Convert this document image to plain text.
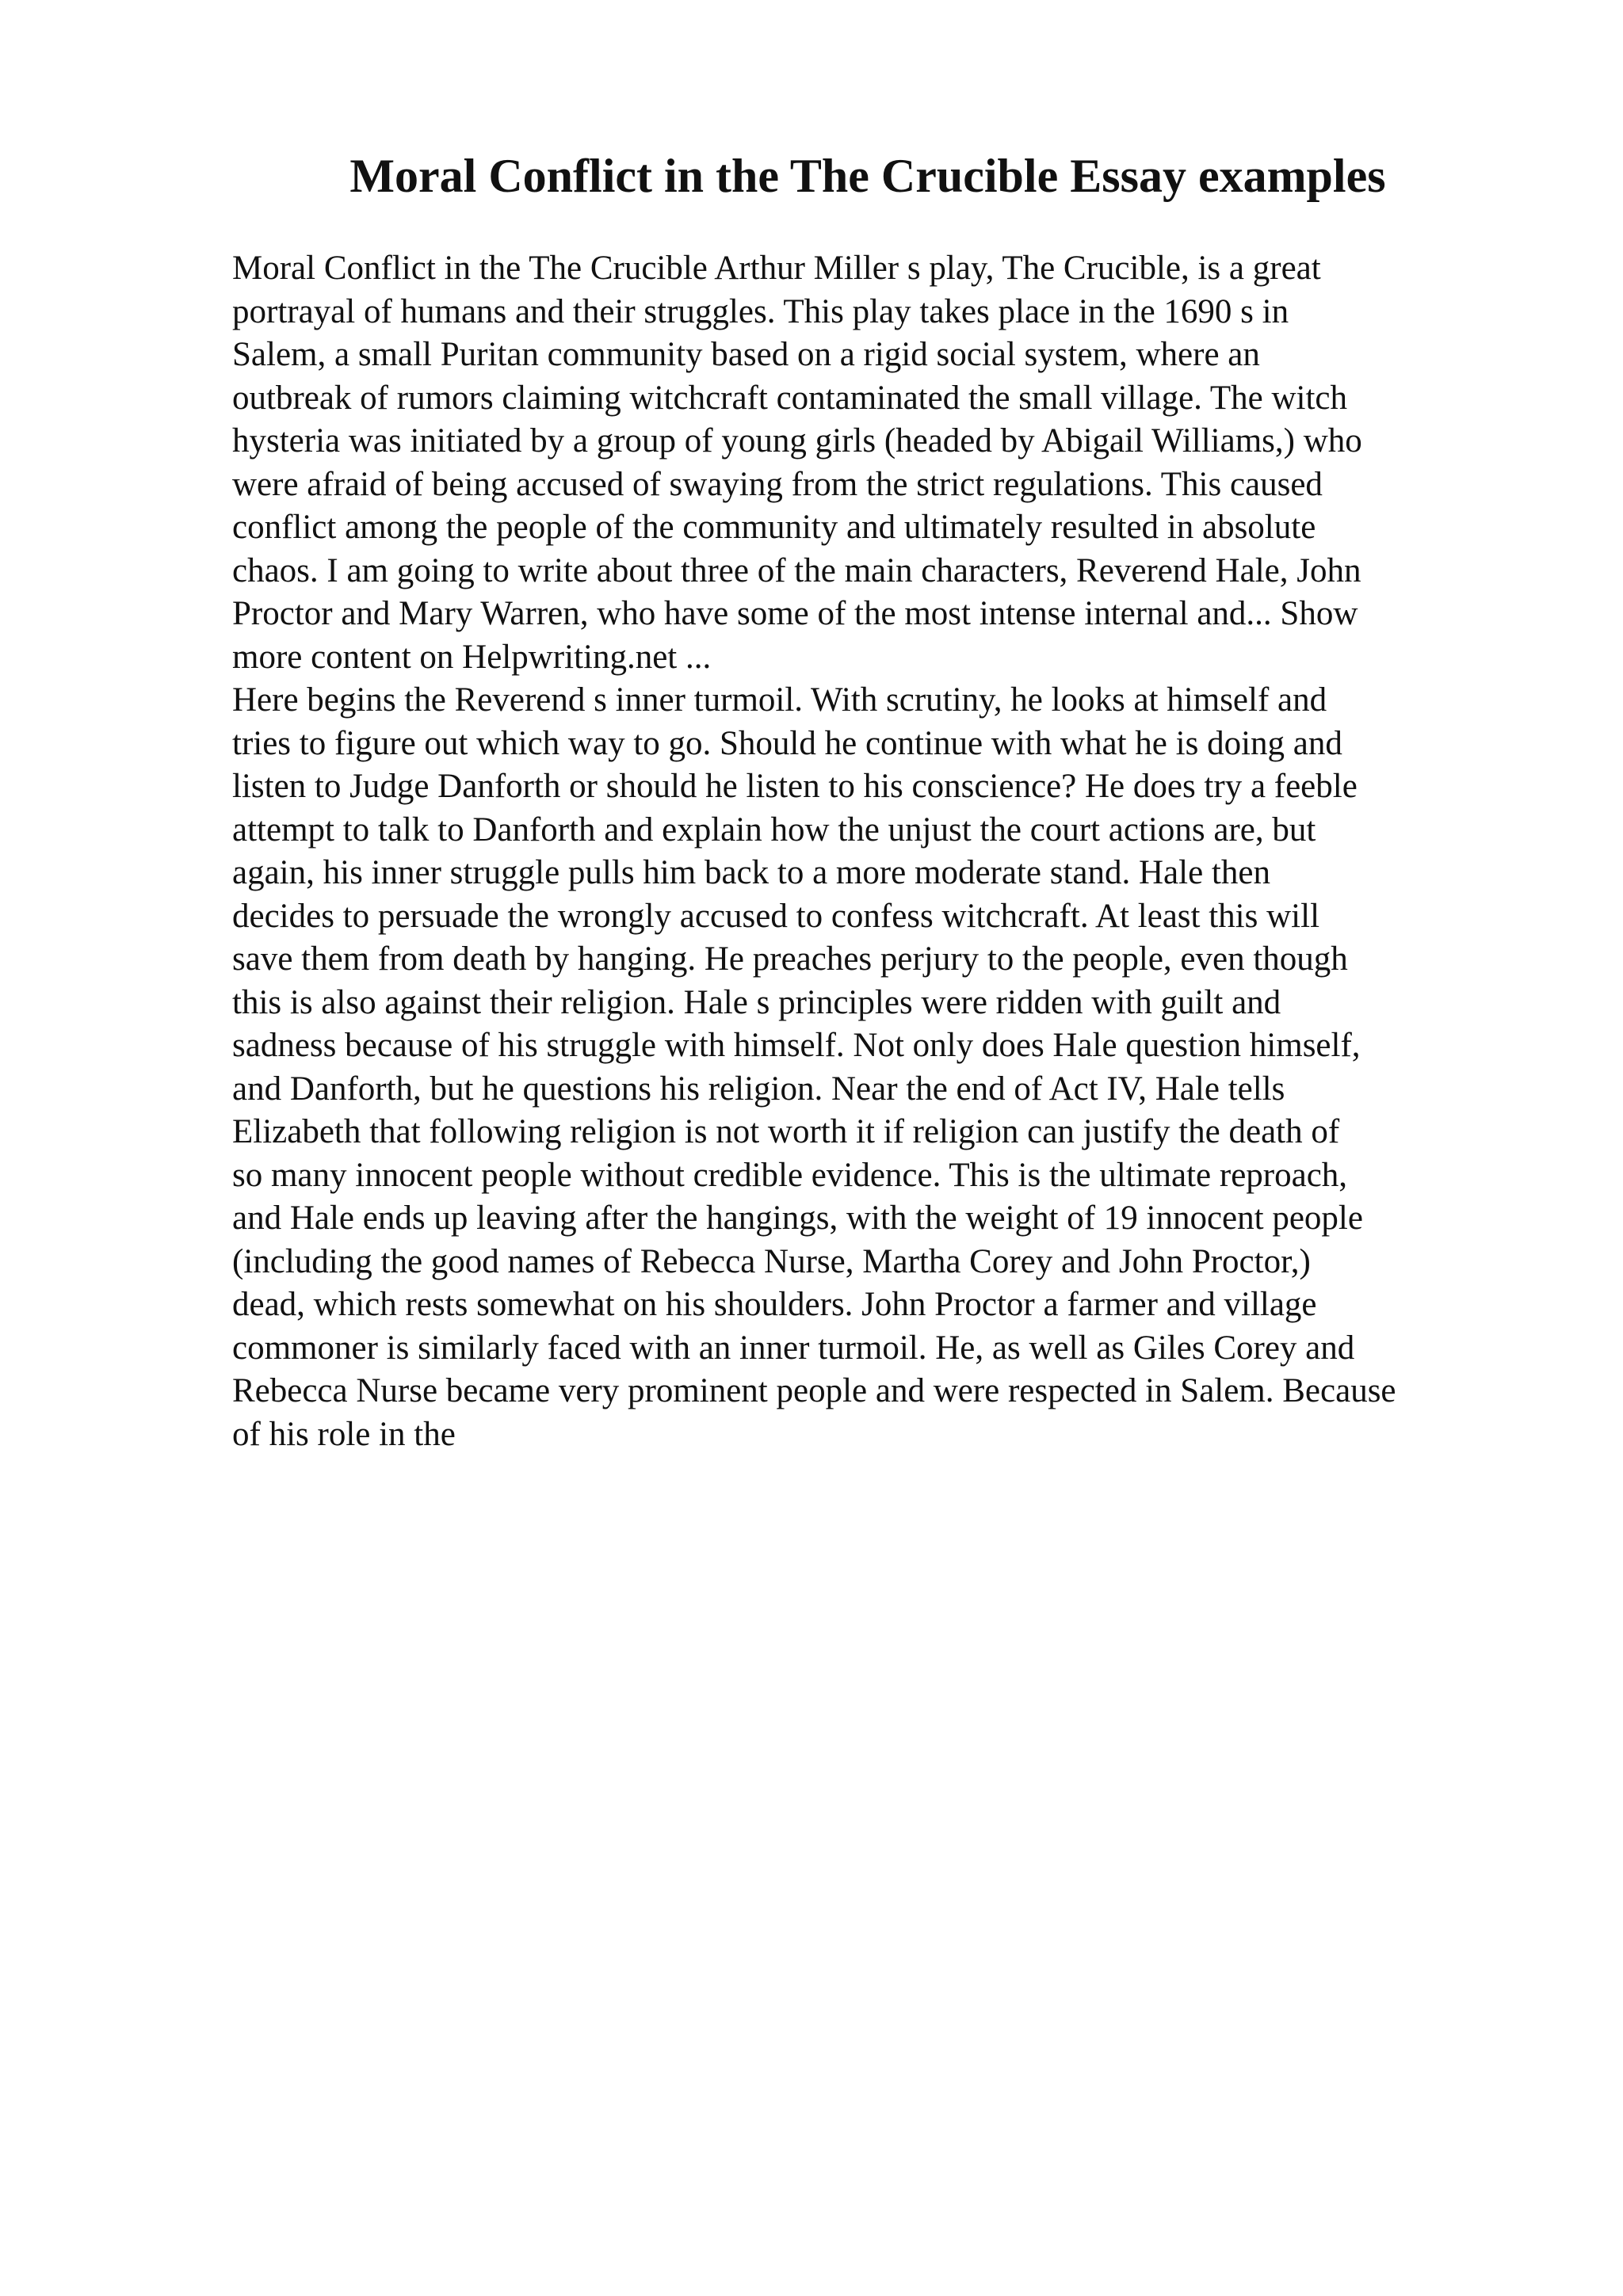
Moral Conflict in the The Crucible Essay examples
Moral Conflict in the The Crucible Arthur Miller s play, The Crucible, is a great
portrayal of humans and their struggles. This play takes place in the 1690 s in
Salem, a small Puritan community based on a rigid social system, where an
outbreak of rumors claiming witchcraft contaminated the small village. The witch
hysteria was initiated by a group of young girls (headed by Abigail Williams,) who
were afraid of being accused of swaying from the strict regulations. This caused
conflict among the people of the community and ultimately resulted in absolute
chaos. I am going to write about three of the main characters, Reverend Hale, John
Proctor and Mary Warren, who have some of the most intense internal and... Show
more content on Helpwriting.net ...
Here begins the Reverend s inner turmoil. With scrutiny, he looks at himself and
tries to figure out which way to go. Should he continue with what he is doing and
listen to Judge Danforth or should he listen to his conscience? He does try a feeble
attempt to talk to Danforth and explain how the unjust the court actions are, but
again, his inner struggle pulls him back to a more moderate stand. Hale then
decides to persuade the wrongly accused to confess witchcraft. At least this will
save them from death by hanging. He preaches perjury to the people, even though
this is also against their religion. Hale s principles were ridden with guilt and
sadness because of his struggle with himself. Not only does Hale question himself,
and Danforth, but he questions his religion. Near the end of Act IV, Hale tells
Elizabeth that following religion is not worth it if religion can justify the death of
so many innocent people without credible evidence. This is the ultimate reproach,
and Hale ends up leaving after the hangings, with the weight of 19 innocent people
(including the good names of Rebecca Nurse, Martha Corey and John Proctor,)
dead, which rests somewhat on his shoulders. John Proctor a farmer and village
commoner is similarly faced with an inner turmoil. He, as well as Giles Corey and
Rebecca Nurse became very prominent people and were respected in Salem. Because
of his role in the
